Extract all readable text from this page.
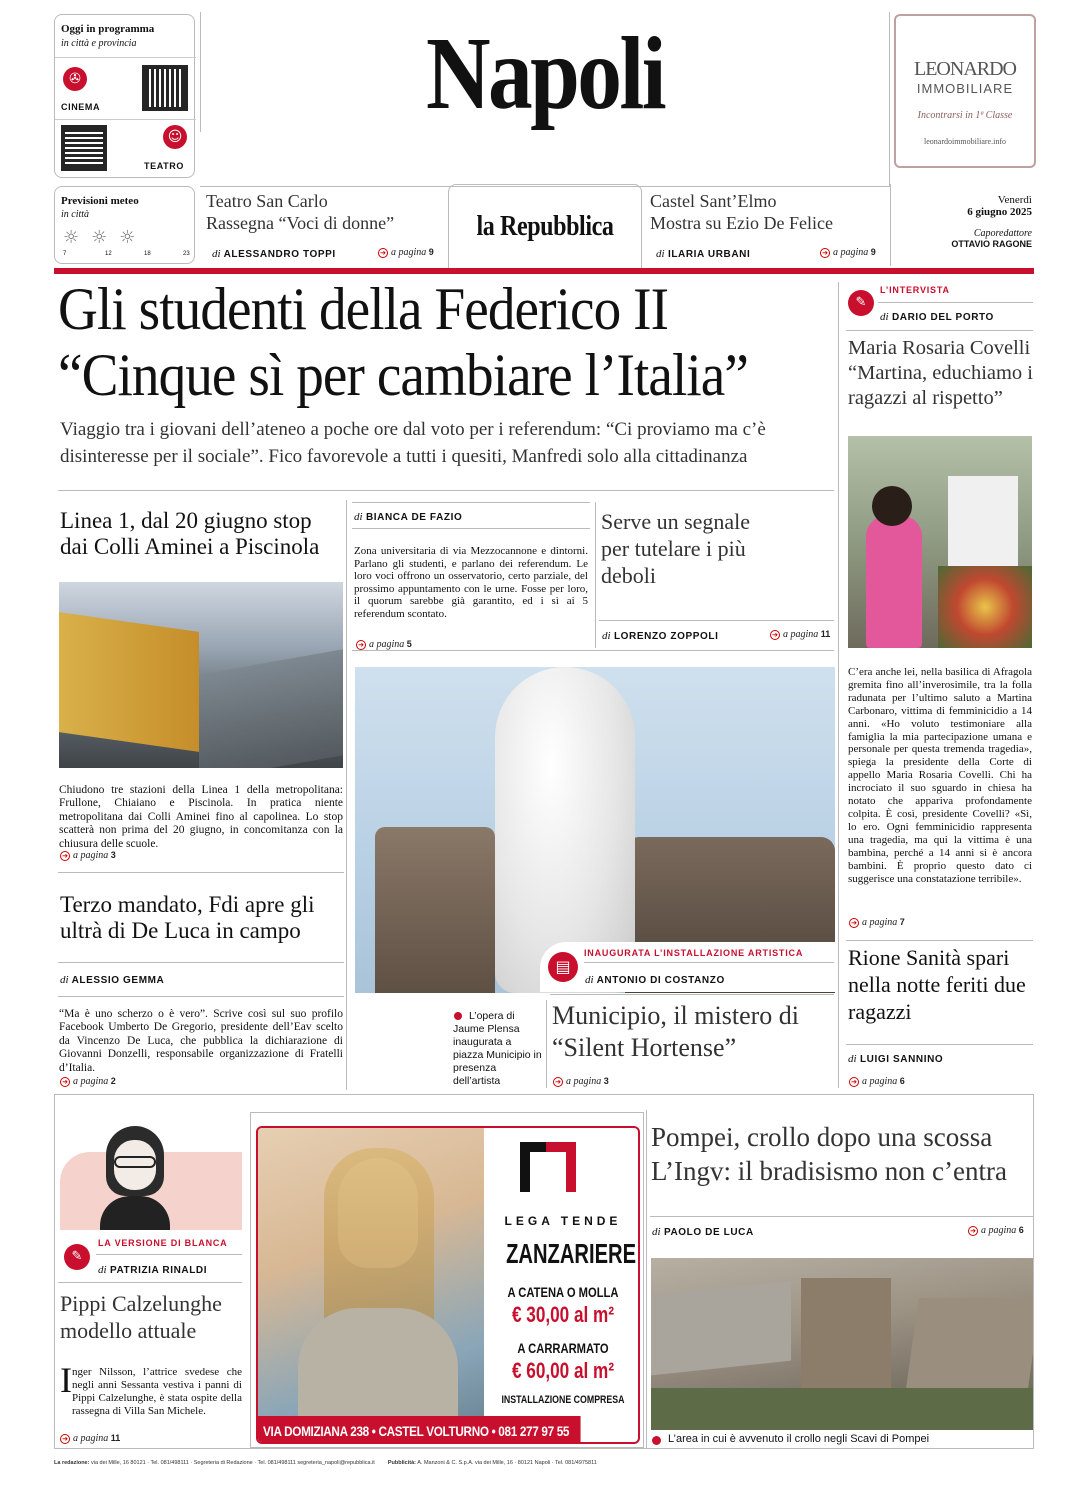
Oggi in programma
in città e provincia
✇
CINEMA
☺
TEATRO
Napoli	LEONARDO
IMMOBILIARE
Incontrarsi in 1ª Classe
leonardoimmobiliare.info
Previsioni meteo
in città
☼☼☼
7	12	18	23
Teatro San Carlo
Rassegna “Voci di donne”
di ALESSANDRO TOPPI	➔ a pagina 9
la Repubblica
Castel Sant’Elmo
Mostra su Ezio De Felice
di ILARIA URBANI	➔ a pagina 9
Venerdì
6 giugno 2025
Caporedattore
OTTAVIO RAGONE
Gli studenti della Federico II
“Cinque sì per cambiare l’Italia”
Viaggio tra i giovani dell’ateneo a poche ore dal voto per i referendum: “Ci proviamo ma c’è disinteresse per il sociale”. Fico favorevole a tutti i quesiti, Manfredi solo alla cittadinanza
Linea 1, dal 20 giugno stop dai Colli Aminei a Piscinola
Chiudono tre stazioni della Linea 1 della metropolitana: Frullone, Chiaiano e Piscinola. In pratica niente metropolitana dai Colli Aminei fino al capolinea. Lo stop scatterà non prima del 20 giugno, in concomitanza con la chiusura delle scuole.
➔ a pagina 3
Terzo mandato, Fdi apre gli ultrà di De Luca in campo
di ALESSIO GEMMA
“Ma è uno scherzo o è vero”. Scrive così sul suo profilo Facebook Umberto De Gregorio, presidente dell’Eav scelto da Vincenzo De Luca, che pubblica la dichiarazione di Giovanni Donzelli, responsabile organizzazione di Fratelli d’Italia.
➔ a pagina 2
di BIANCA DE FAZIO
Zona universitaria di via Mezzocannone e dintorni. Parlano gli studenti, e parlano dei referendum. Le loro voci offrono un osservatorio, certo parziale, del prossimo appuntamento con le urne. Fosse per loro, il quorum sarebbe già garantito, ed i sì ai 5 referendum scontato.
➔ a pagina 5
Serve un segnale per tutelare i più deboli
di LORENZO ZOPPOLI	➔ a pagina 11
▤
INAUGURATA L’INSTALLAZIONE ARTISTICA
di ANTONIO DI COSTANZO
Municipio, il mistero di “Silent Hortense”
➔ a pagina 3
L’opera di Jaume Plensa inaugurata a piazza Municipio in presenza dell’artista
✎
L’INTERVISTA
di DARIO DEL PORTO
Maria Rosaria Covelli “Martina, educhiamo i ragazzi al rispetto”
C’era anche lei, nella basilica di Afragola gremita fino all’inverosimile, tra la folla radunata per l’ultimo saluto a Martina Carbonaro, vittima di femminicidio a 14 anni. «Ho voluto testimoniare alla famiglia la mia partecipazione umana e personale per questa tremenda tragedia», spiega la presidente della Corte di appello Maria Rosaria Covelli. Chi ha incrociato il suo sguardo in chiesa ha notato che appariva profondamente colpita. È così, presidente Covelli? «Sì, lo ero. Ogni femminicidio rappresenta una tragedia, ma qui la vittima è una bambina, perché a 14 anni si è ancora bambini. È proprio questo dato ci suggerisce una constatazione terribile».
➔ a pagina 7
Rione Sanità spari nella notte feriti due ragazzi
di LUIGI SANNINO
➔ a pagina 6
✎
LA VERSIONE DI BLANCA
di PATRIZIA RINALDI
Pippi Calzelunghe modello attuale
I nger Nilsson, l’attrice svedese che negli anni Sessanta vestiva i panni di Pippi Calzelunghe, è stata ospite della rassegna di Villa San Michele.
➔ a pagina 11
LEGA TENDE
ZANZARIERE
A CATENA O MOLLA
€ 30,00 al m²
A CARRARMATO
€ 60,00 al m²
INSTALLAZIONE COMPRESA
VIA DOMIZIANA 238 • CASTEL VOLTURNO • 081 277 97 55
Pompei, crollo dopo una scossa
L’Ingv: il bradisismo non c’entra
di PAOLO DE LUCA	➔ a pagina 6
L’area in cui è avvenuto il crollo negli Scavi di Pompei
La redazione: via dei Mille, 16 80121 · Tel. 081/498111 · Segreteria di Redazione · Tel. 081/498111 segreteria_napoli@repubblica.it Pubblicità: A. Manzoni & C. S.p.A. via dei Mille, 16 · 80121 Napoli · Tel. 081/4975811
